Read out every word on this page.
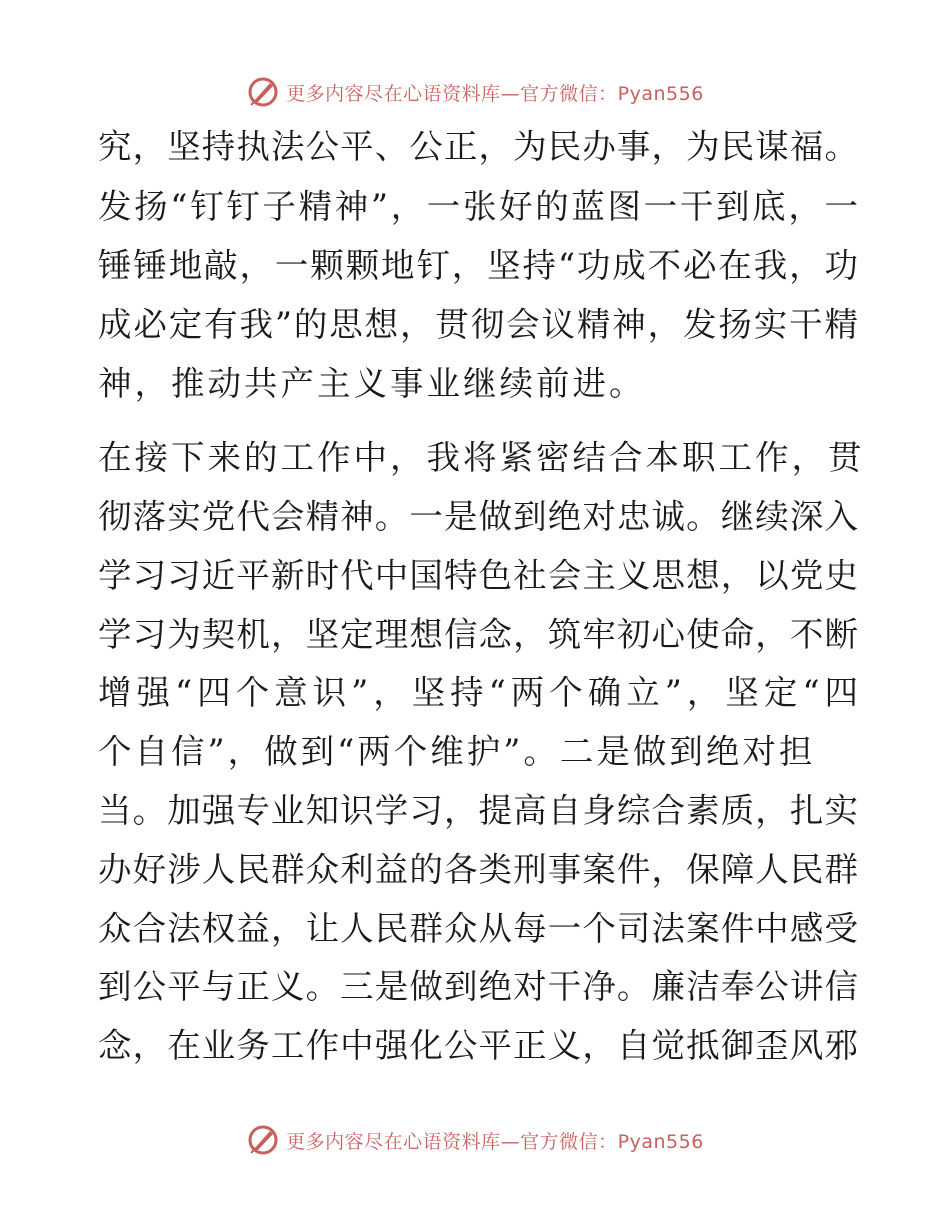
更多内容尽在心语资料库—官方微信：Pyan556
究，坚持执法公平、公正，为民办事，为民谋福。
发扬“钉钉子精神”，一张好的蓝图一干到底，一
锤锤地敲，一颗颗地钉，坚持“功成不必在我，功
成必定有我”的思想，贯彻会议精神，发扬实干精
神，推动共产主义事业继续前进。
在接下来的工作中，我将紧密结合本职工作，贯
彻落实党代会精神。一是做到绝对忠诚。继续深入
学习习近平新时代中国特色社会主义思想，以党史
学习为契机，坚定理想信念，筑牢初心使命，不断
增强“四个意识”，坚持“两个确立”，坚定“四
个自信”，做到“两个维护”。二是做到绝对担
当。加强专业知识学习，提高自身综合素质，扎实
办好涉人民群众利益的各类刑事案件，保障人民群
众合法权益，让人民群众从每一个司法案件中感受
到公平与正义。三是做到绝对干净。廉洁奉公讲信
念，在业务工作中强化公平正义，自觉抵御歪风邪
更多内容尽在心语资料库—官方微信：Pyan556
